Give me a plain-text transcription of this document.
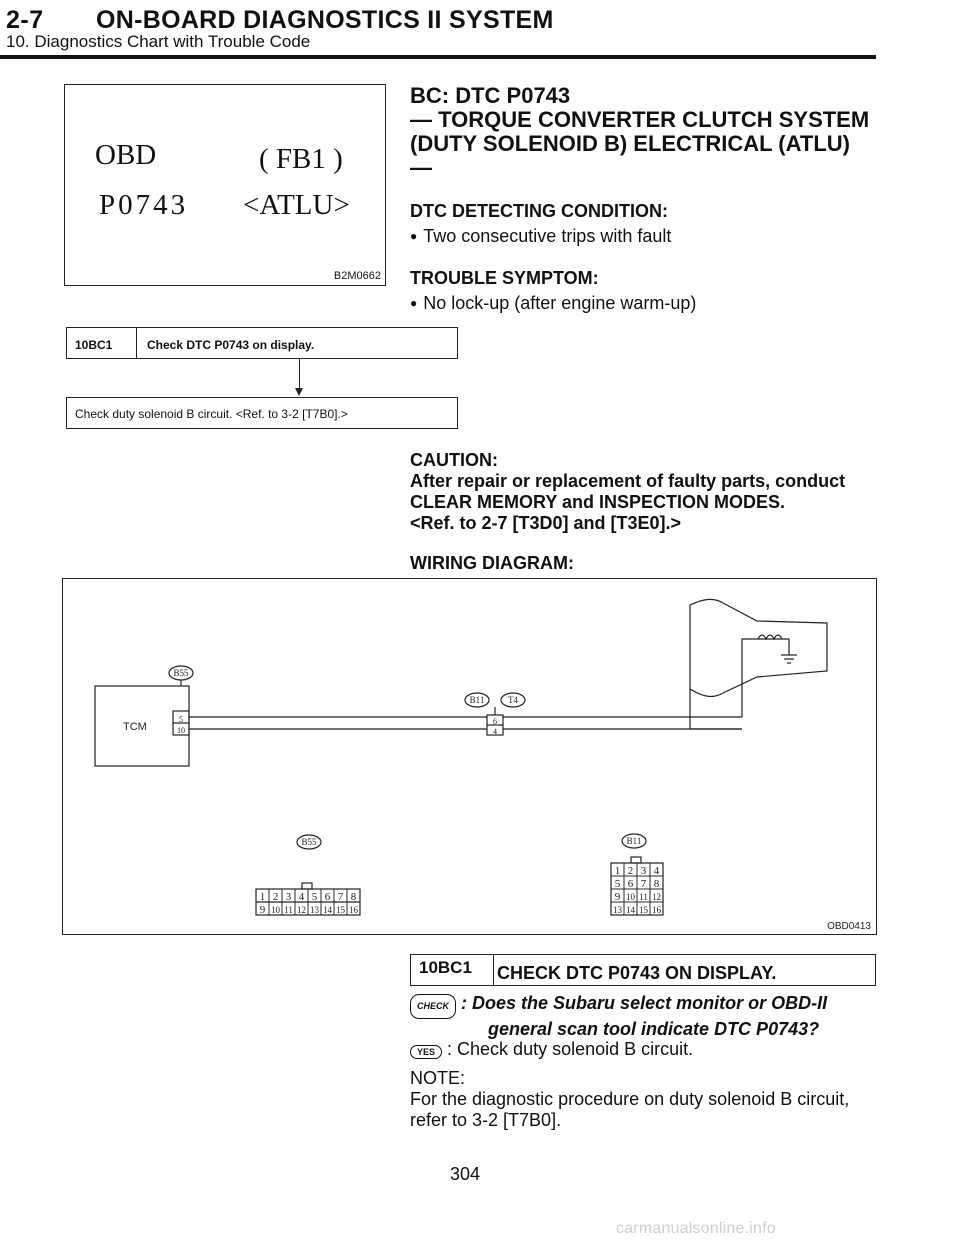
2-7 ON-BOARD DIAGNOSTICS II SYSTEM
10. Diagnostics Chart with Trouble Code
OBD	( FB1 )
P0743 <ATLU>
B2M0662
BC: DTC P0743
— TORQUE CONVERTER CLUTCH SYSTEM
(DUTY SOLENOID B) ELECTRICAL (ATLU)
—
DTC DETECTING CONDITION:
● Two consecutive trips with fault
TROUBLE SYMPTOM:
● No lock-up (after engine warm-up)
10BC1	Check DTC P0743 on display.
Check duty solenoid B circuit. <Ref. to 3-2 [T7B0].>
CAUTION:
After repair or replacement of faulty parts, conduct
CLEAR MEMORY and INSPECTION MODES.
<Ref. to 2-7 [T3D0] and [T3E0].>
WIRING DIAGRAM:
B55
B11	T4
B55	B11
5
10
6
4
TCM
1 2 3 4 5 6 7 8
9 10 11 12 13 14 15 16
1 2 3 4
5 6 7 8
9 10 11 12
13 14 15 16
OBD0413
10BC1	CHECK DTC P0743 ON DISPLAY.
CHECK : Does the Subaru select monitor or OBD-II
general scan tool indicate DTC P0743?
YES : Check duty solenoid B circuit.
NOTE:
For the diagnostic procedure on duty solenoid B circuit,
refer to 3-2 [T7B0].
304
carmanualsonline.info
